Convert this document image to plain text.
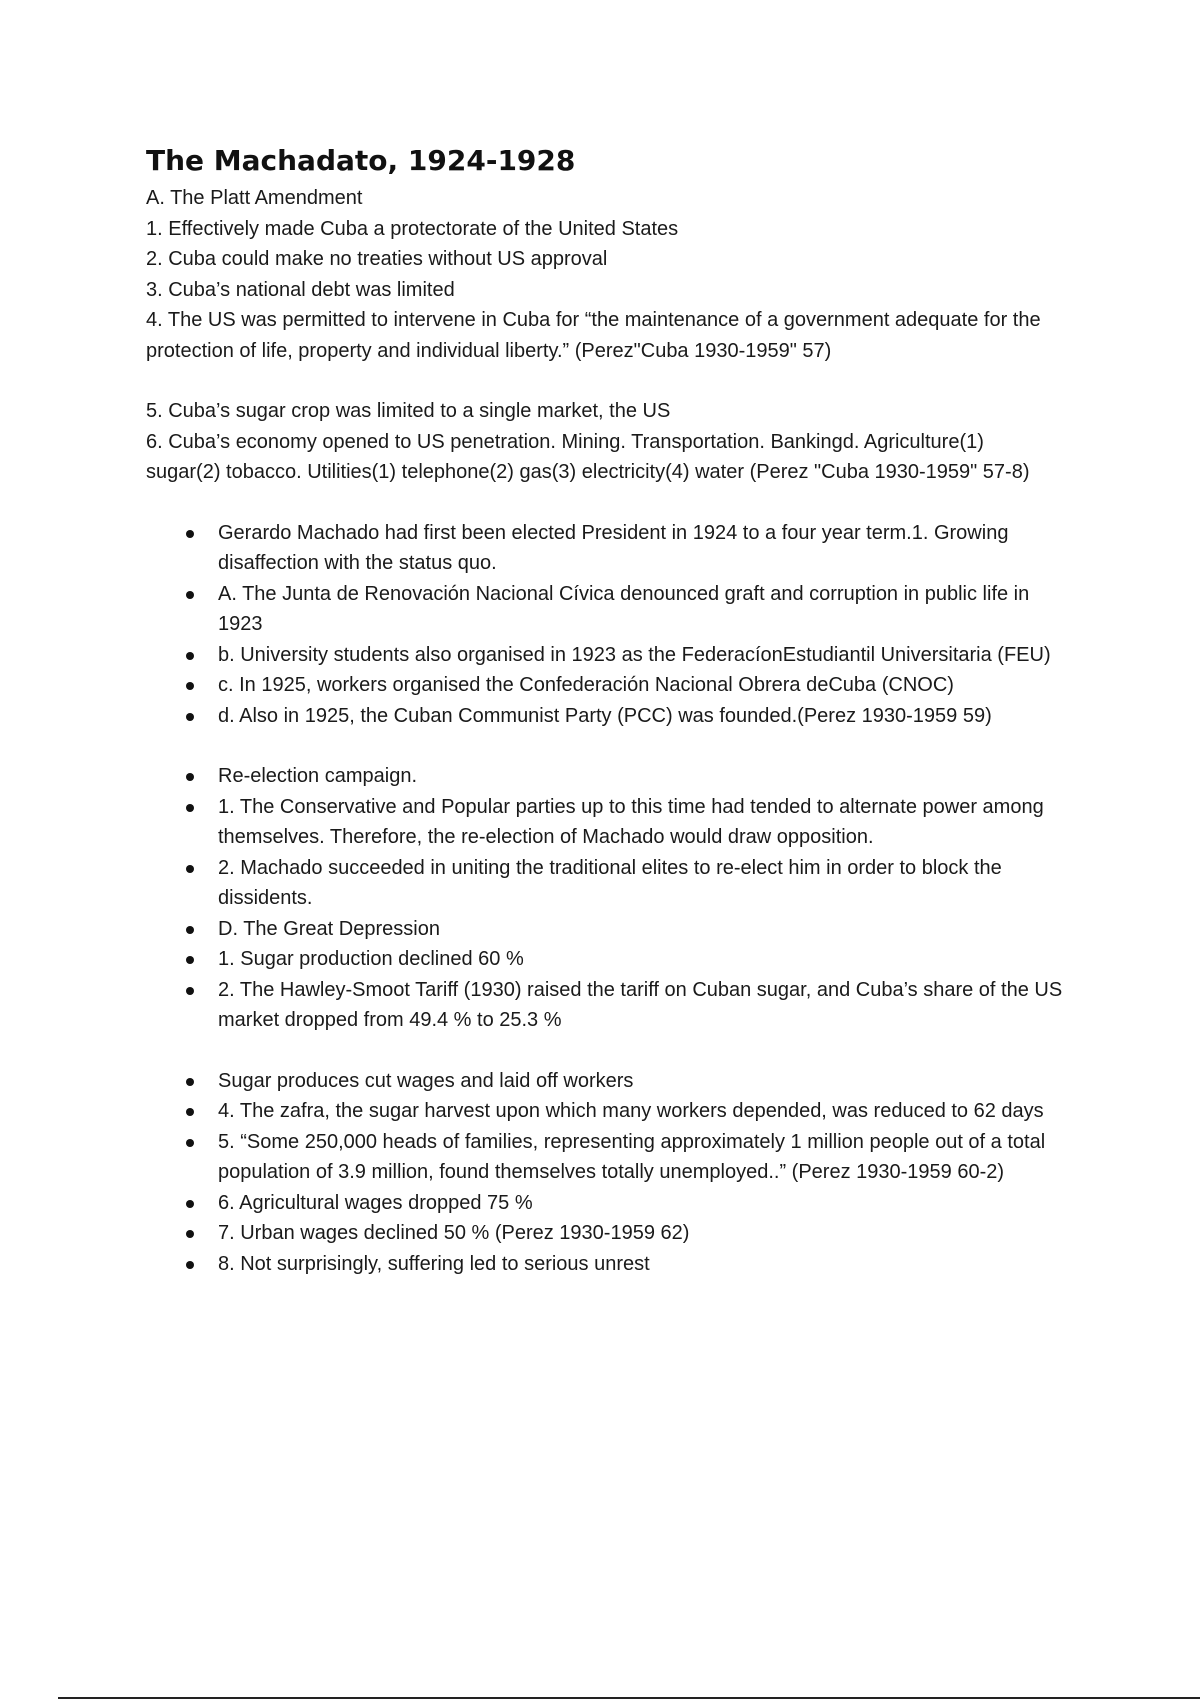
The Machadato, 1924-1928

A. The Platt Amendment

1. Effectively made Cuba a protectorate of the United States

2. Cuba could make no treaties without US approval

3. Cuba’s national debt was limited

4. The US was permitted to intervene in Cuba for “the maintenance of a government adequate for the protection of life, property and individual liberty.” (Perez"Cuba 1930-1959" 57)

5. Cuba’s sugar crop was limited to a single market, the US

6. Cuba’s economy opened to US penetration. Mining. Transportation. Bankingd. Agriculture(1) sugar(2) tobacco. Utilities(1) telephone(2) gas(3) electricity(4) water (Perez "Cuba 1930-1959" 57-8)

Gerardo Machado had first been elected President in 1924 to a four year term.1. Growing disaffection with the status quo.
A. The Junta de Renovación Nacional Cívica denounced graft and corruption in public life in 1923
b. University students also organised in 1923 as the FederacíonEstudiantil Universitaria (FEU)
c. In 1925, workers organised the Confederación Nacional Obrera deCuba (CNOC)
d. Also in 1925, the Cuban Communist Party (PCC) was founded.(Perez 1930-1959 59)
Re-election campaign.
1. The Conservative and Popular parties up to this time had tended to alternate power among themselves. Therefore, the re-election of Machado would draw opposition.
2. Machado succeeded in uniting the traditional elites to re-elect him in order to block the dissidents.
D. The Great Depression
1. Sugar production declined 60 %
2. The Hawley-Smoot Tariff (1930) raised the tariff on Cuban sugar, and Cuba’s share of the US market dropped from 49.4 % to 25.3 %
Sugar produces cut wages and laid off workers
4. The zafra, the sugar harvest upon which many workers depended, was reduced to 62 days
5. “Some 250,000 heads of families, representing approximately 1 million people out of a total population of 3.9 million, found themselves totally unemployed..” (Perez 1930-1959 60-2)
6. Agricultural wages dropped 75 %
7. Urban wages declined 50 % (Perez 1930-1959 62)
8. Not surprisingly, suffering led to serious unrest
